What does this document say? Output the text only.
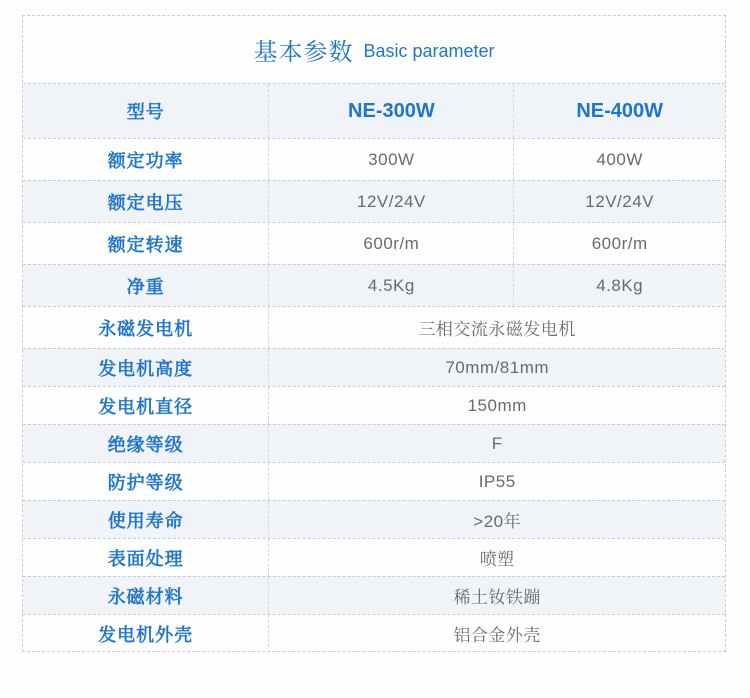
基本参数 Basic parameter
型号	NE-300W	NE-400W
额定功率	300W	400W
额定电压	12V/24V	12V/24V
额定转速	600r/m	600r/m
净重	4.5Kg	4.8Kg
永磁发电机	三相交流永磁发电机
发电机高度	70mm/81mm
发电机直径	150mm
绝缘等级	F
防护等级	IP55
使用寿命	>20年
表面处理	喷塑
永磁材料	稀土钕铁蹦
发电机外壳	铝合金外壳
